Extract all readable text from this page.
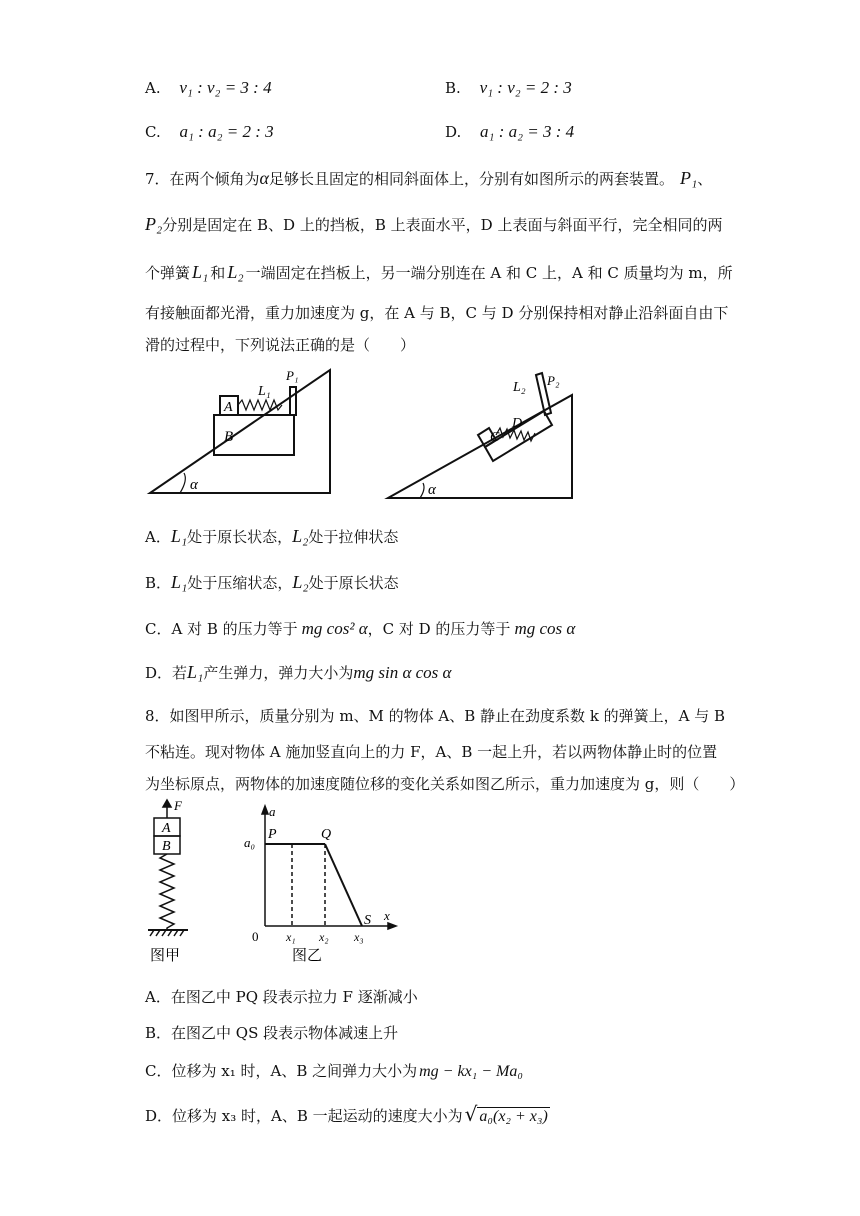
A. v₁ : v₂ = 3 : 4	B. v₁ : v₂ = 2 : 3
C. a₁ : a₂ = 2 : 3	D. a₁ : a₂ = 3 : 4
7．在两个倾角为α足够长且固定的相同斜面体上，分别有如图所示的两套装置。 P₁、
P₂分别是固定在 B、D 上的挡板，B 上表面水平，D 上表面与斜面平行，完全相同的两
个弹簧 L₁ 和 L₂ 一端固定在挡板上，另一端分别连在 A 和 C 上，A 和 C 质量均为 m，所
有接触面都光滑，重力加速度为 g，在 A 与 B，C 与 D 分别保持相对静止沿斜面自由下
滑的过程中，下列说法正确的是（　　）
A
B
L₁
P₁
α
C
D
L₂ P₂
α
A．L₁处于原长状态，L₂处于拉伸状态
B．L₁处于压缩状态，L₂处于原长状态
C．A 对 B 的压力等于 mg cos² α，C 对 D 的压力等于 mg cos α
D．若L₁产生弹力，弹力大小为mg sin α cos α
8．如图甲所示，质量分别为 m、M 的物体 A、B 静止在劲度系数 k 的弹簧上，A 与 B
不粘连。现对物体 A 施加竖直向上的力 F，A、B 一起上升，若以两物体静止时的位置
为坐标原点，两物体的加速度随位移的变化关系如图乙所示，重力加速度为 g，则（　　）
F
A
B
图甲
a
a₀
P	Q
S x
0 x₁ x₂ x₃
图乙
A．在图乙中 PQ 段表示拉力 F 逐渐减小
B．在图乙中 QS 段表示物体减速上升
C．位移为 x₁ 时，A、B 之间弹力大小为 mg − kx₁ − Ma₀
D．位移为 x₃ 时，A、B 一起运动的速度大小为 √ a₀(x₂ + x₃)
